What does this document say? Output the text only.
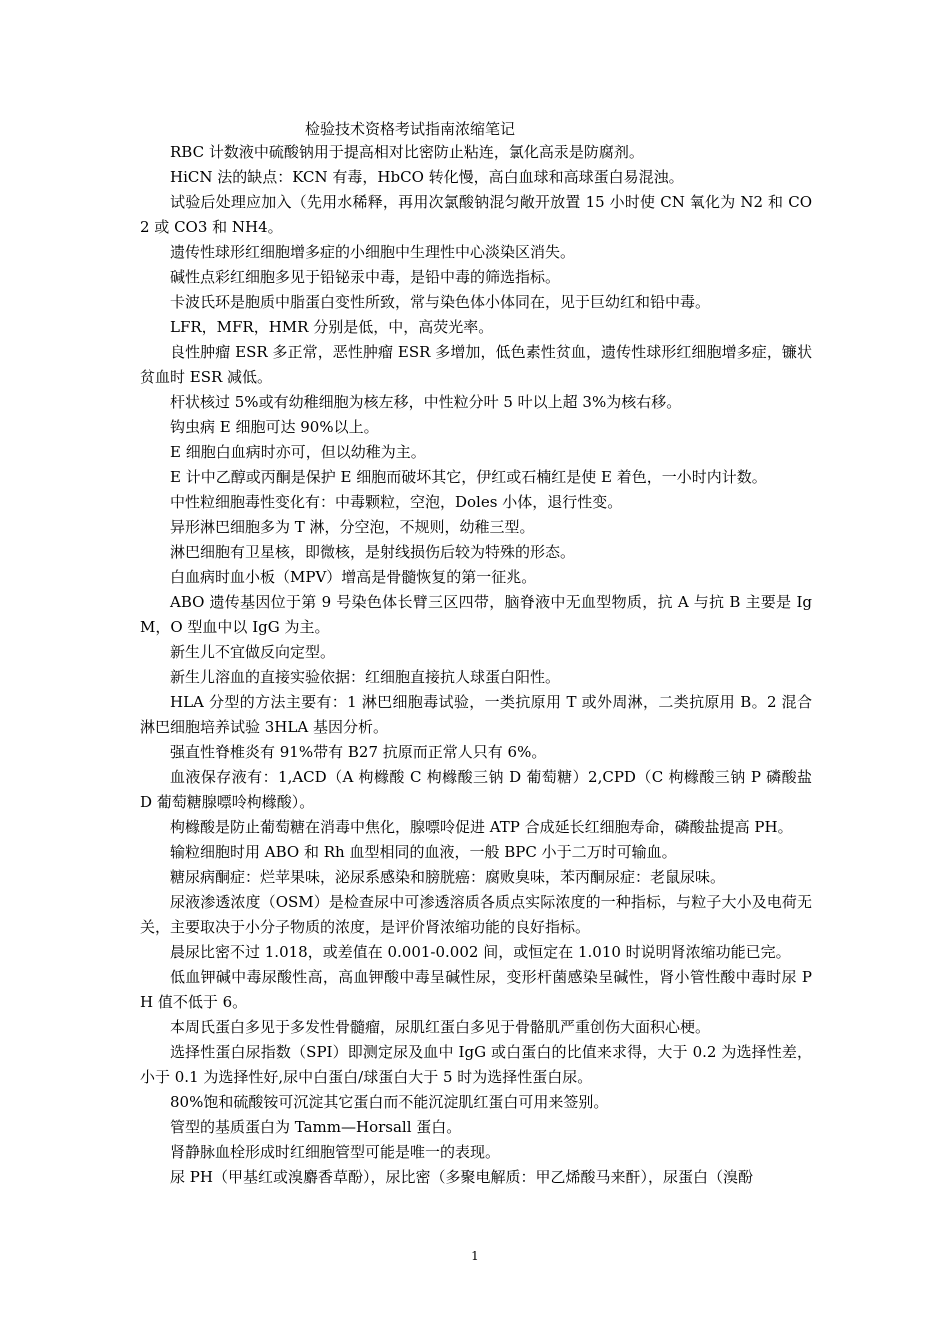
检验技术资格考试指南浓缩笔记

RBC 计数液中硫酸钠用于提高相对比密防止粘连，氯化高汞是防腐剂。

HiCN 法的缺点：KCN 有毒，HbCO 转化慢，高白血球和高球蛋白易混浊。

试验后处理应加入（先用水稀释，再用次氯酸钠混匀敞开放置 15 小时使 CN 氧化为 N2 和 CO2 或 CO3 和 NH4。

遗传性球形红细胞增多症的小细胞中生理性中心淡染区消失。

碱性点彩红细胞多见于铅铋汞中毒，是铅中毒的筛选指标。

卡波氏环是胞质中脂蛋白变性所致，常与染色体小体同在，见于巨幼红和铅中毒。

LFR，MFR，HMR 分别是低，中，高荧光率。

良性肿瘤 ESR 多正常，恶性肿瘤 ESR 多增加，低色素性贫血，遗传性球形红细胞增多症，镰状贫血时 ESR 减低。

杆状核过 5%或有幼稚细胞为核左移，中性粒分叶 5 叶以上超 3%为核右移。

钩虫病 E 细胞可达 90%以上。

E 细胞白血病时亦可，但以幼稚为主。

E 计中乙醇或丙酮是保护 E 细胞而破坏其它，伊红或石楠红是使 E 着色，一小时内计数。

中性粒细胞毒性变化有：中毒颗粒，空泡，Doles 小体，退行性变。

异形淋巴细胞多为 T 淋，分空泡，不规则，幼稚三型。

淋巴细胞有卫星核，即微核，是射线损伤后较为特殊的形态。

白血病时血小板（MPV）增高是骨髓恢复的第一征兆。

ABO 遗传基因位于第 9 号染色体长臂三区四带，脑脊液中无血型物质，抗 A 与抗 B 主要是 IgM，O 型血中以 IgG 为主。

新生儿不宜做反向定型。

新生儿溶血的直接实验依据：红细胞直接抗人球蛋白阳性。

HLA 分型的方法主要有：1 淋巴细胞毒试验，一类抗原用 T 或外周淋，二类抗原用 B。2 混合淋巴细胞培养试验 3HLA 基因分析。

强直性脊椎炎有 91%带有 B27 抗原而正常人只有 6%。

血液保存液有：1,ACD（A 枸橼酸 C 枸橼酸三钠 D 葡萄糖）2,CPD（C 枸橼酸三钠 P 磷酸盐 D 葡萄糖腺嘌呤枸橼酸）。

枸橼酸是防止葡萄糖在消毒中焦化，腺嘌呤促进 ATP 合成延长红细胞寿命，磷酸盐提高 PH。

输粒细胞时用 ABO 和 Rh 血型相同的血液，一般 BPC 小于二万时可输血。

糖尿病酮症：烂苹果味，泌尿系感染和膀胱癌：腐败臭味，苯丙酮尿症：老鼠尿味。

尿液渗透浓度（OSM）是检查尿中可渗透溶质各质点实际浓度的一种指标，与粒子大小及电荷无关，主要取决于小分子物质的浓度，是评价肾浓缩功能的良好指标。

晨尿比密不过 1.018，或差值在 0.001-0.002 间，或恒定在 1.010 时说明肾浓缩功能已完。

低血钾碱中毒尿酸性高，高血钾酸中毒呈碱性尿，变形杆菌感染呈碱性，肾小管性酸中毒时尿 PH 值不低于 6。

本周氏蛋白多见于多发性骨髓瘤，尿肌红蛋白多见于骨骼肌严重创伤大面积心梗。

选择性蛋白尿指数（SPI）即测定尿及血中 IgG 或白蛋白的比值来求得，大于 0.2 为选择性差，小于 0.1 为选择性好,尿中白蛋白/球蛋白大于 5 时为选择性蛋白尿。

80%饱和硫酸铵可沉淀其它蛋白而不能沉淀肌红蛋白可用来签别。

管型的基质蛋白为 Tamm—Horsall 蛋白。

肾静脉血栓形成时红细胞管型可能是唯一的表现。

尿 PH（甲基红或溴麝香草酚），尿比密（多聚电解质：甲乙烯酸马来酐），尿蛋白（溴酚

1
